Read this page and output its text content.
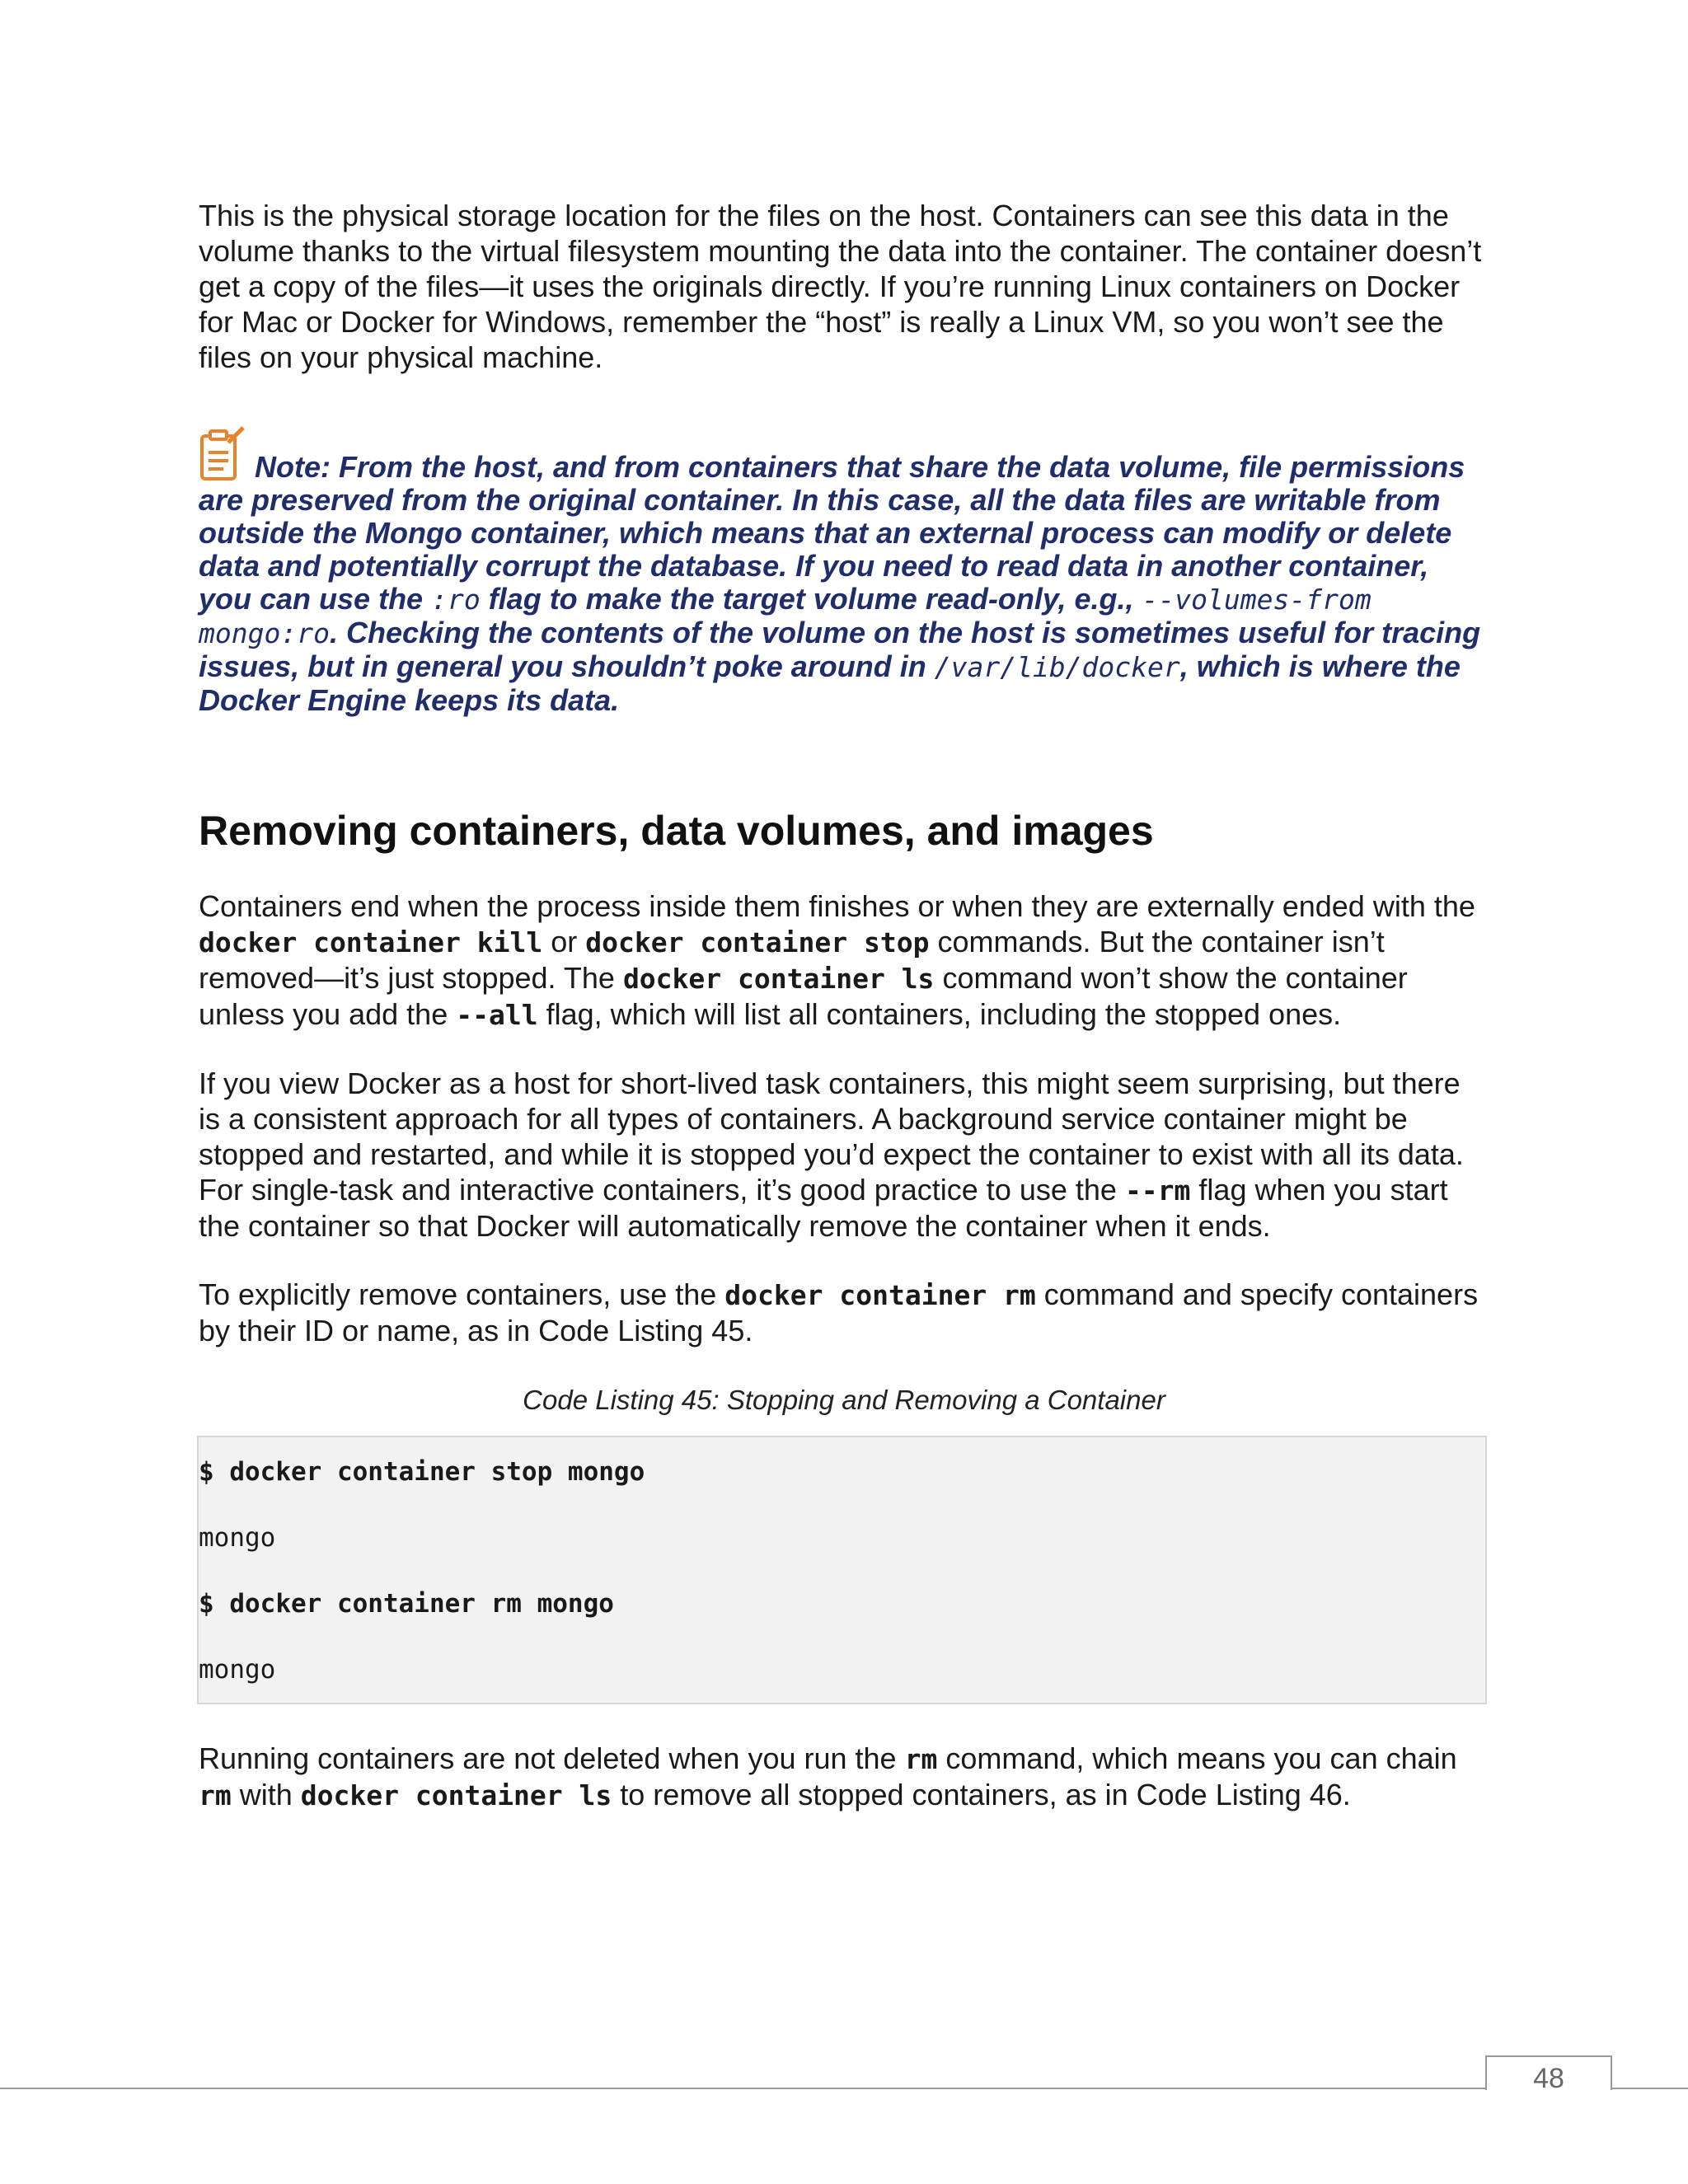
This is the physical storage location for the files on the host. Containers can see this data in the volume thanks to the virtual filesystem mounting the data into the container. The container doesn’t get a copy of the files—it uses the originals directly. If you’re running Linux containers on Docker for Mac or Docker for Windows, remember the “host” is really a Linux VM, so you won’t see the files on your physical machine.

Note: From the host, and from containers that share the data volume, file permissions are preserved from the original container. In this case, all the data files are writable from outside the Mongo container, which means that an external process can modify or delete data and potentially corrupt the database. If you need to read data in another container, you can use the :ro flag to make the target volume read-only, e.g., --volumes-from mongo:ro. Checking the contents of the volume on the host is sometimes useful for tracing issues, but in general you shouldn’t poke around in /var/lib/docker, which is where the Docker Engine keeps its data.
Removing containers, data volumes, and images

Containers end when the process inside them finishes or when they are externally ended with the docker container kill or docker container stop commands. But the container isn’t removed—it’s just stopped. The docker container ls command won’t show the container unless you add the --all flag, which will list all containers, including the stopped ones.

If you view Docker as a host for short-lived task containers, this might seem surprising, but there is a consistent approach for all types of containers. A background service container might be stopped and restarted, and while it is stopped you’d expect the container to exist with all its data. For single-task and interactive containers, it’s good practice to use the --rm flag when you start the container so that Docker will automatically remove the container when it ends.

To explicitly remove containers, use the docker container rm command and specify containers by their ID or name, as in Code Listing 45.

Code Listing 45: Stopping and Removing a Container
$ docker container stop mongo
mongo
$ docker container rm mongo
mongo

Running containers are not deleted when you run the rm command, which means you can chain rm with docker container ls to remove all stopped containers, as in Code Listing 46.

48
